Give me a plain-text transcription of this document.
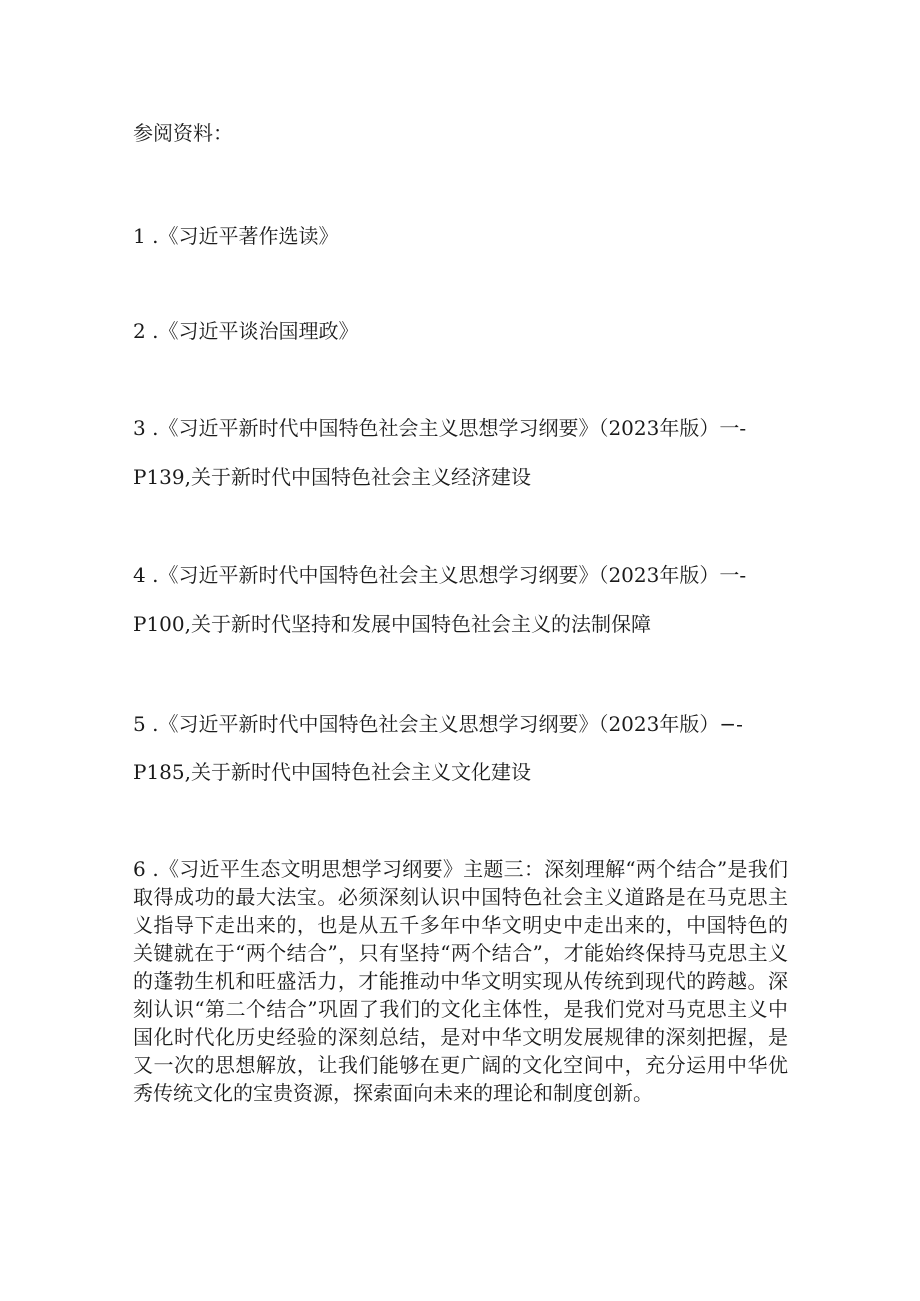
参阅资料：
1 .《习近平著作选读》
2 .《习近平谈治国理政》
3 .《习近平新时代中国特色社会主义思想学习纲要》（2023年版）一-
P139,关于新时代中国特色社会主义经济建设
4 .《习近平新时代中国特色社会主义思想学习纲要》（2023年版）一-
P100,关于新时代坚持和发展中国特色社会主义的法制保障
5 .《习近平新时代中国特色社会主义思想学习纲要》（2023年版）−-
P185,关于新时代中国特色社会主义文化建设
6 .《习近平生态文明思想学习纲要》主题三：深刻理解“两个结合”是我们取得成功的最大法宝。必须深刻认识中国特色社会主义道路是在马克思主义指导下走出来的，也是从五千多年中华文明史中走出来的，中国特色的关键就在于“两个结合”，只有坚持“两个结合”，才能始终保持马克思主义的蓬勃生机和旺盛活力，才能推动中华文明实现从传统到现代的跨越。深刻认识“第二个结合”巩固了我们的文化主体性，是我们党对马克思主义中国化时代化历史经验的深刻总结，是对中华文明发展规律的深刻把握，是又一次的思想解放，让我们能够在更广阔的文化空间中，充分运用中华优秀传统文化的宝贵资源，探索面向未来的理论和制度创新。
